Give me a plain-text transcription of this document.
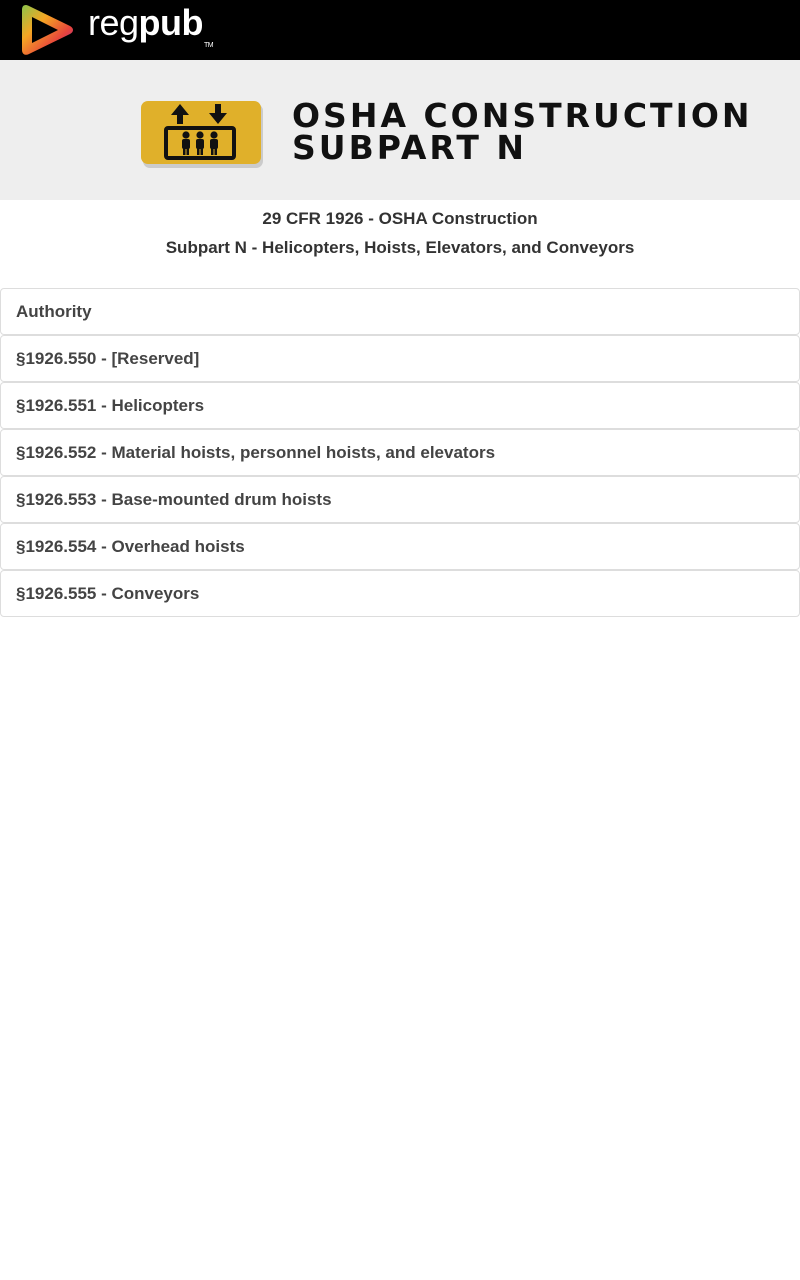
regpub$_{TM}$
OSHA CONSTRUCTION
SUBPART N
29 CFR 1926 - OSHA Construction
Subpart N - Helicopters, Hoists, Elevators, and Conveyors
Authority
§1926.550 - [Reserved]
§1926.551 - Helicopters
§1926.552 - Material hoists, personnel hoists, and elevators
§1926.553 - Base-mounted drum hoists
§1926.554 - Overhead hoists
§1926.555 - Conveyors
